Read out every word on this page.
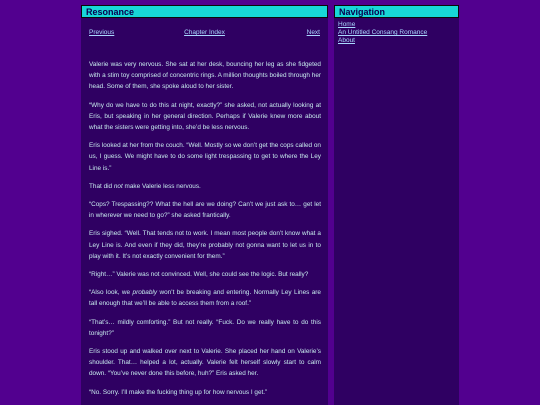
Resonance
Previous	Chapter Index	Next

Valerie was very nervous. She sat at her desk, bouncing her leg as she fidgeted with a stim toy comprised of concentric rings. A million thoughts boiled through her head. Some of them, she spoke aloud to her sister.

“Why do we have to do this at night, exactly?” she asked, not actually looking at Eris, but speaking in her general direction. Perhaps if Valerie knew more about what the sisters were getting into, she’d be less nervous.

Eris looked at her from the couch. “Well. Mostly so we don’t get the cops called on us, I guess. We might have to do some light trespassing to get to where the Ley Line is.”

That did not make Valerie less nervous.

“Cops? Trespassing?? What the hell are we doing? Can’t we just ask to… get let in wherever we need to go?” she asked frantically.

Eris sighed. “Well. That tends not to work. I mean most people don’t know what a Ley Line is. And even if they did, they’re probably not gonna want to let us in to play with it. It’s not exactly convenient for them.”

“Right…” Valerie was not convinced. Well, she could see the logic. But really?

“Also look, we probably won’t be breaking and entering. Normally Ley Lines are tall enough that we’ll be able to access them from a roof.”

“That’s… mildly comforting.” But not really. “Fuck. Do we really have to do this tonight?”

Eris stood up and walked over next to Valerie. She placed her hand on Valerie’s shoulder. That… helped a lot, actually. Valerie felt herself slowly start to calm down. “You’ve never done this before, huh?” Eris asked her.

“No. Sorry. I’ll make the fucking thing up for how nervous I get.”

Navigation
Home
An Untitled Consang Romance
About
